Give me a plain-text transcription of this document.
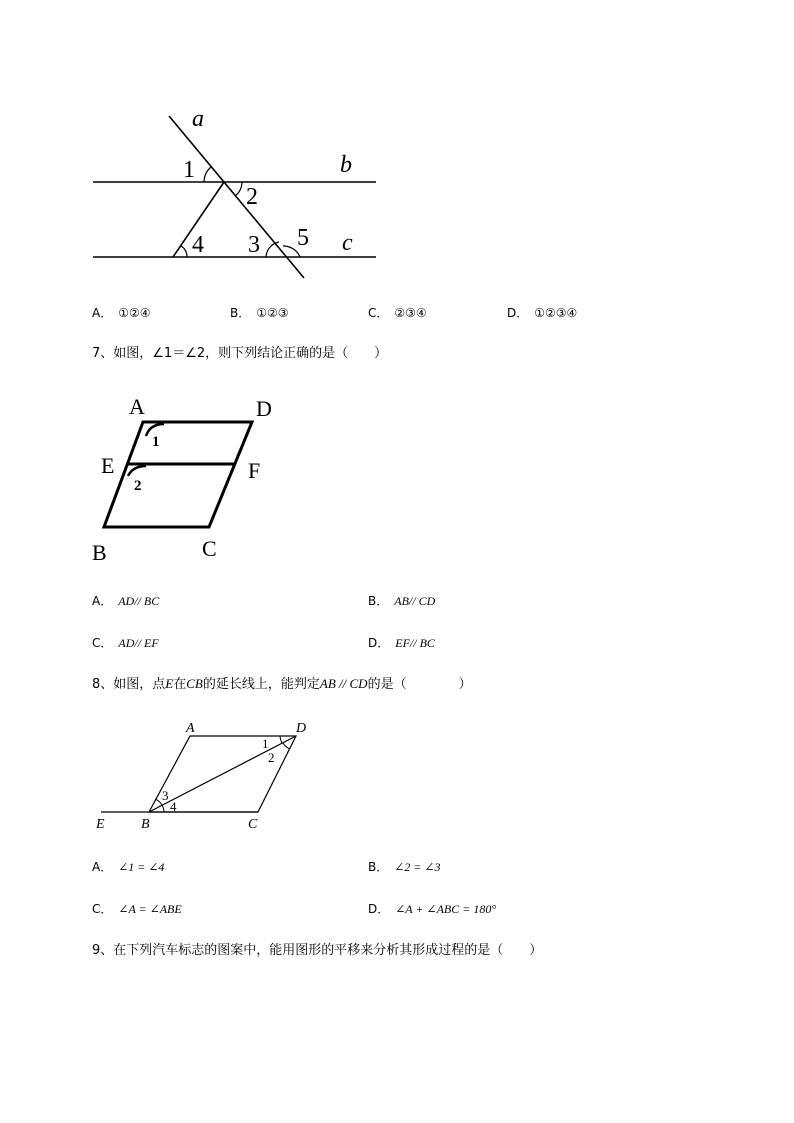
a
b
c
1
2
3
4	5
A． ①②④	B． ①②③	C． ②③④	D． ①②③④
7、如图，∠1＝∠2，则下列结论正确的是（　　）
A	D
E	F
B	C
1
2
A． AD// BC	B． AB// CD
C． AD// EF	D． EF// BC
8、如图，点E在CB的延长线上，能判定AB // CD的是（　　　　）
A	D
E	B	C
1
2
3
4
A． ∠1 = ∠4	B． ∠2 = ∠3
C． ∠A = ∠ABE	D． ∠A + ∠ABC = 180°
9、在下列汽车标志的图案中，能用图形的平移来分析其形成过程的是（　　）
